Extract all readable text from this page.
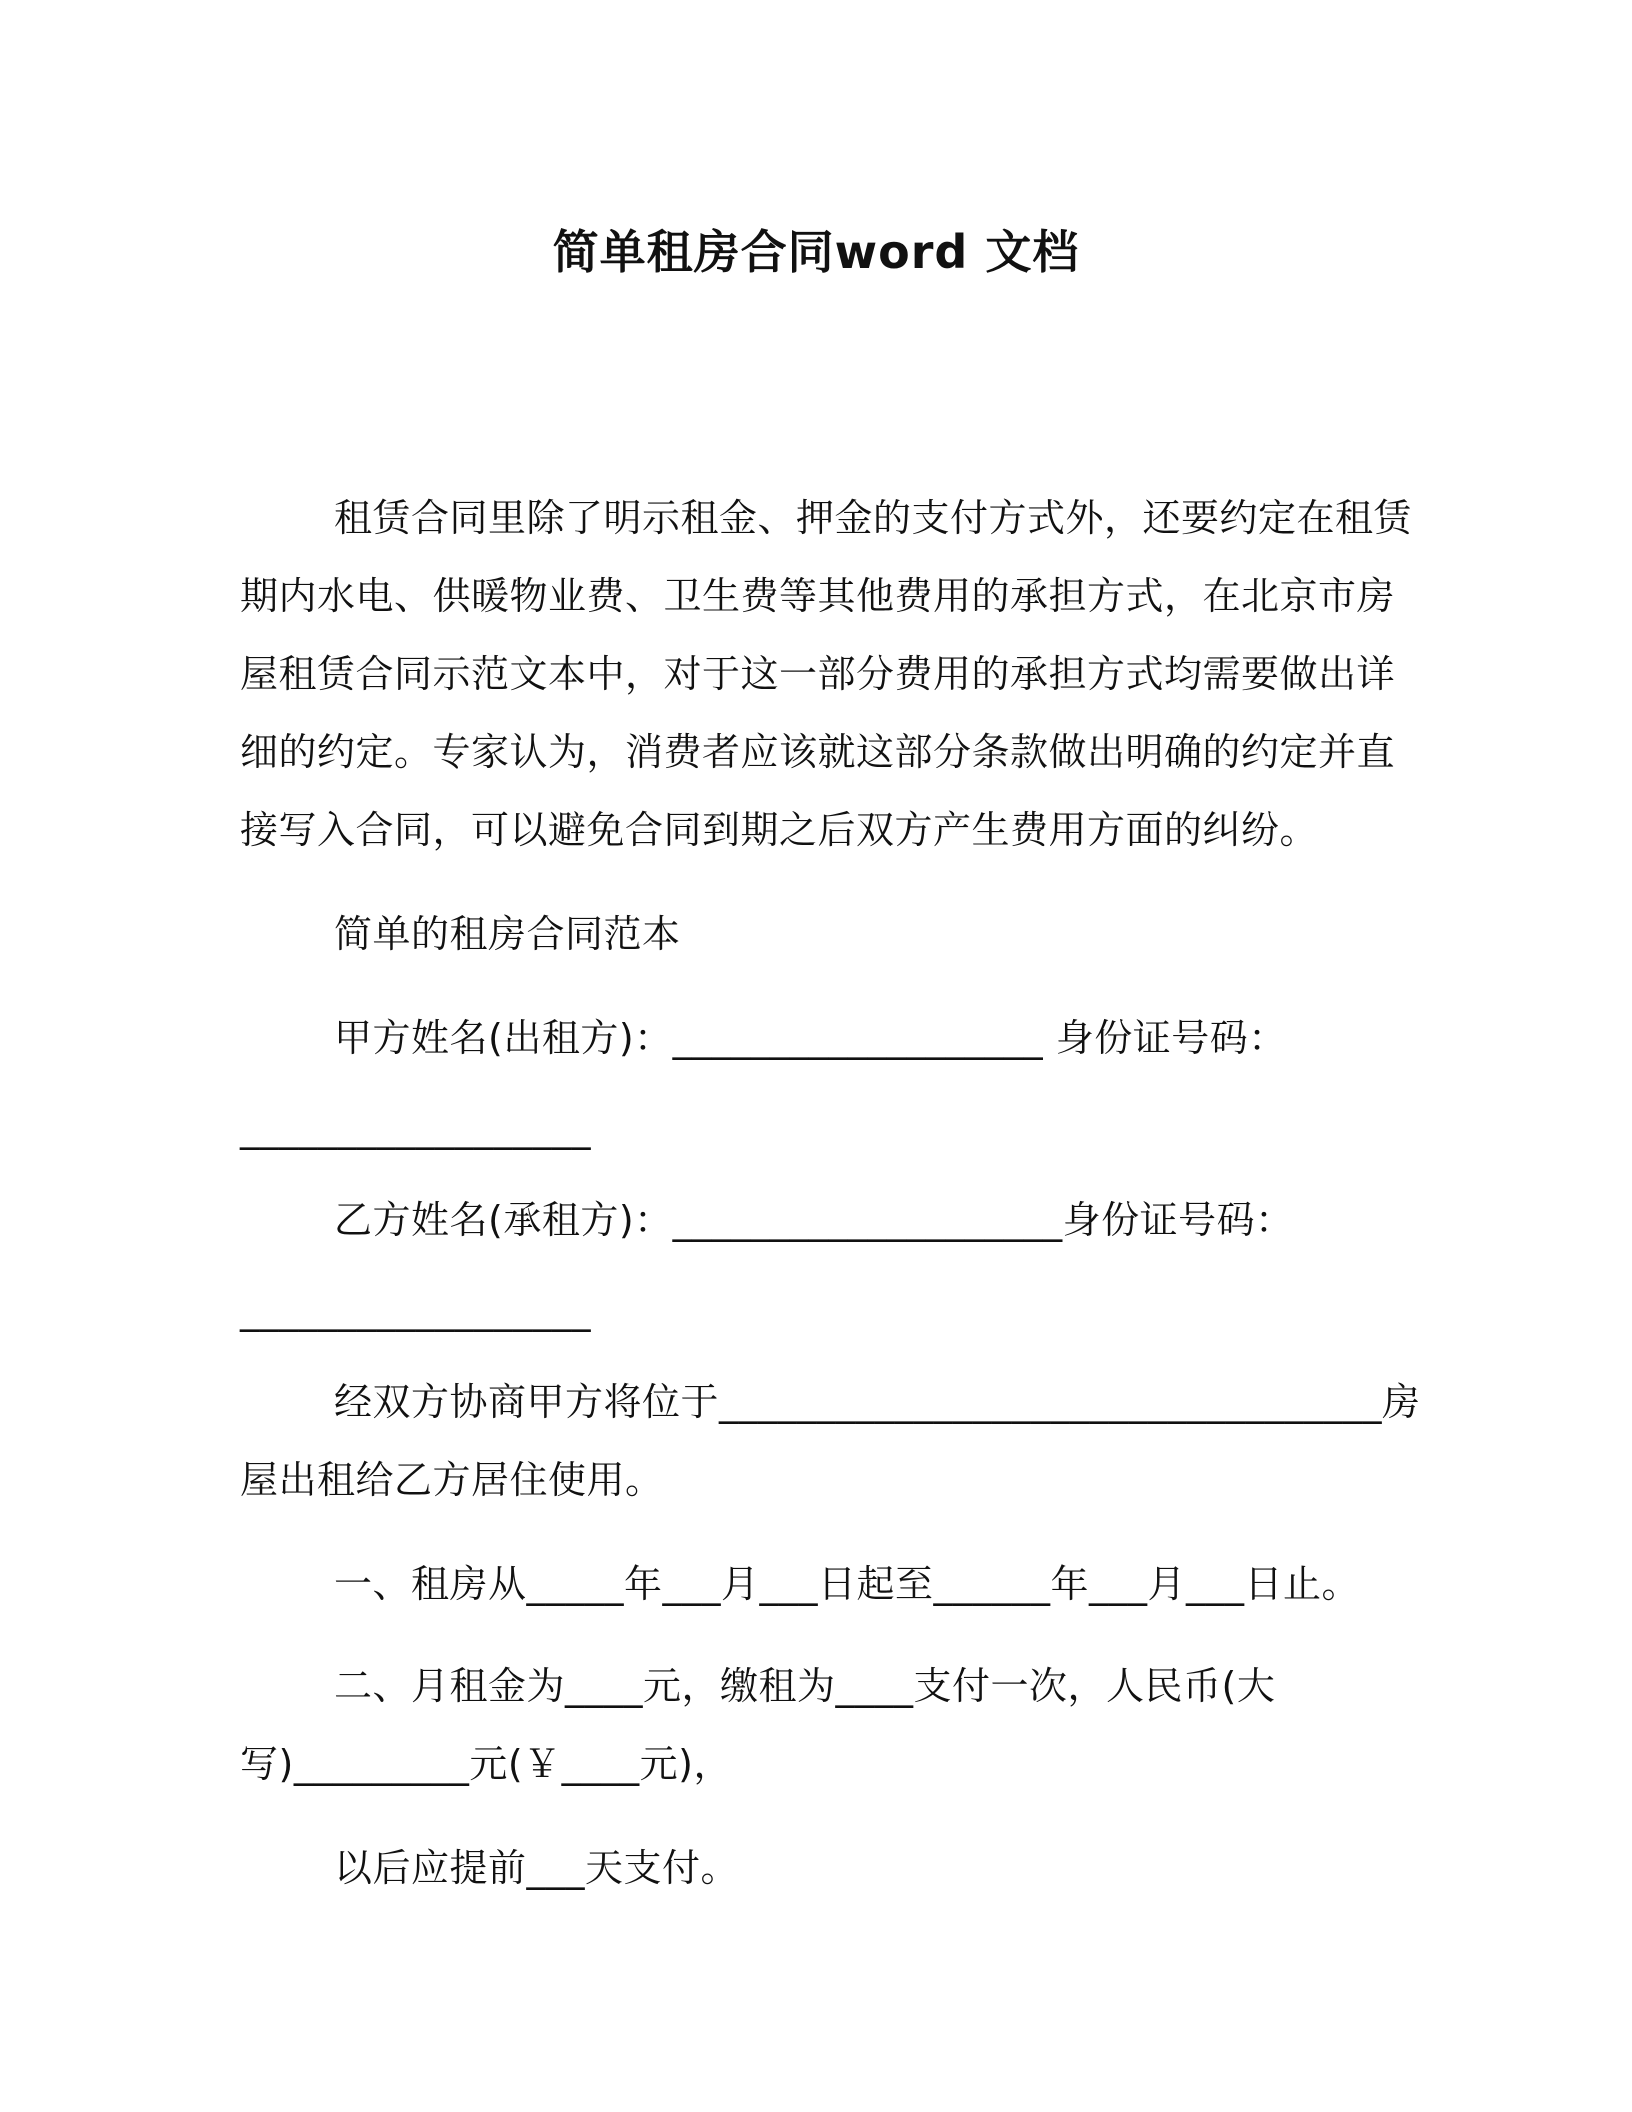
简单租房合同word 文档
租赁合同里除了明示租金、押金的支付方式外，还要约定在租赁
期内水电、供暖物业费、卫生费等其他费用的承担方式，在北京市房
屋租赁合同示范文本中，对于这一部分费用的承担方式均需要做出详
细的约定。专家认为，消费者应该就这部分条款做出明确的约定并直
接写入合同，可以避免合同到期之后双方产生费用方面的纠纷。
简单的租房合同范本
甲方姓名(出租方)：___________________ 身份证号码：
__________________
乙方姓名(承租方)：____________________身份证号码：
__________________
经双方协商甲方将位于__________________________________房
屋出租给乙方居住使用。
一、租房从_____年___月___日起至______年___月___日止。
二、月租金为____元，缴租为____支付一次，人民币(大
写)_________元(￥____元)，
以后应提前___天支付。
